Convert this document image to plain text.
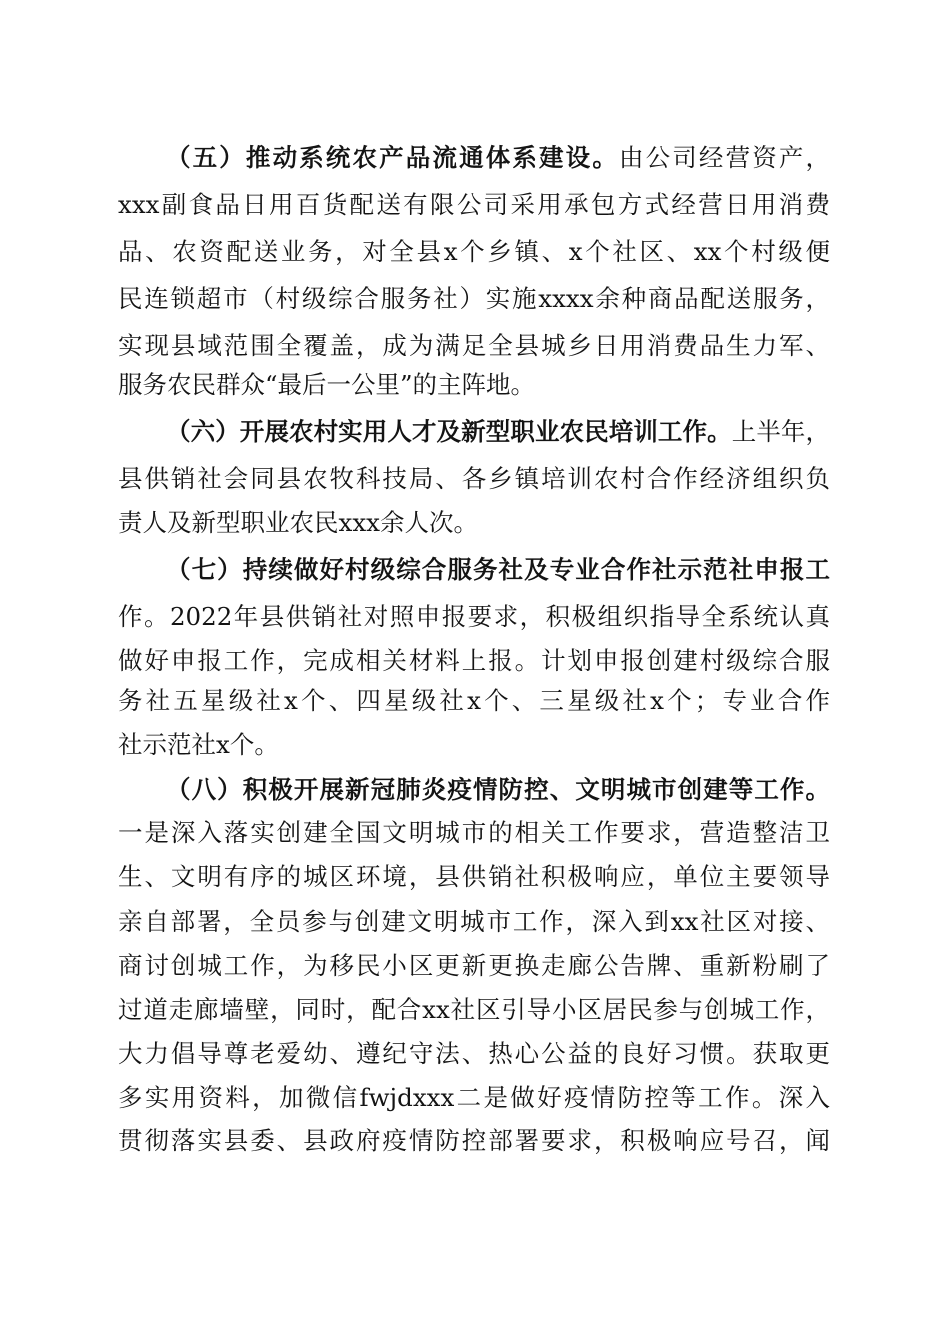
（五）推动系统农产品流通体系建设。由公司经营资产，
xxx副食品日用百货配送有限公司采用承包方式经营日用消费
品、农资配送业务，对全县x个乡镇、x个社区、xx个村级便
民连锁超市（村级综合服务社）实施xxxx余种商品配送服务，
实现县域范围全覆盖，成为满足全县城乡日用消费品生力军、
服务农民群众“最后一公里”的主阵地。
（六）开展农村实用人才及新型职业农民培训工作。上半年，
县供销社会同县农牧科技局、各乡镇培训农村合作经济组织负
责人及新型职业农民xxx余人次。
（七）持续做好村级综合服务社及专业合作社示范社申报工
作。2022年县供销社对照申报要求，积极组织指导全系统认真
做好申报工作，完成相关材料上报。计划申报创建村级综合服
务社五星级社x个、四星级社x个、三星级社x个；专业合作
社示范社x个。
（八）积极开展新冠肺炎疫情防控、文明城市创建等工作。
一是深入落实创建全国文明城市的相关工作要求，营造整洁卫
生、文明有序的城区环境，县供销社积极响应，单位主要领导
亲自部署，全员参与创建文明城市工作，深入到xx社区对接、
商讨创城工作，为移民小区更新更换走廊公告牌、重新粉刷了
过道走廊墙壁，同时，配合xx社区引导小区居民参与创城工作，
大力倡导尊老爱幼、遵纪守法、热心公益的良好习惯。获取更
多实用资料，加微信fwjdxxx二是做好疫情防控等工作。深入
贯彻落实县委、县政府疫情防控部署要求，积极响应号召，闻
